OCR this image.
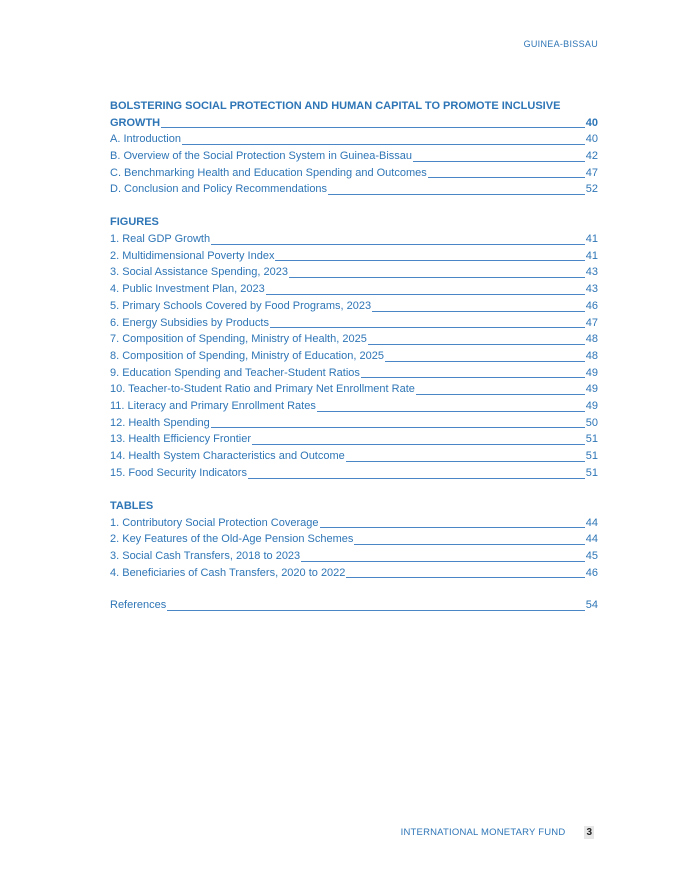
GUINEA-BISSAU
BOLSTERING SOCIAL PROTECTION AND HUMAN CAPITAL TO PROMOTE INCLUSIVE
GROWTH	40
A. Introduction	40
B. Overview of the Social Protection System in Guinea-Bissau	42
C. Benchmarking Health and Education Spending and Outcomes	47
D. Conclusion and Policy Recommendations	52
FIGURES
1. Real GDP Growth	41
2. Multidimensional Poverty Index	41
3. Social Assistance Spending, 2023	43
4. Public Investment Plan, 2023	43
5. Primary Schools Covered by Food Programs, 2023	46
6. Energy Subsidies by Products	47
7. Composition of Spending, Ministry of Health, 2025	48
8. Composition of Spending, Ministry of Education, 2025	48
9. Education Spending and Teacher-Student Ratios	49
10. Teacher-to-Student Ratio and Primary Net Enrollment Rate	49
11. Literacy and Primary Enrollment Rates	49
12. Health Spending	50
13. Health Efficiency Frontier	51
14. Health System Characteristics and Outcome	51
15. Food Security Indicators	51
TABLES
1. Contributory Social Protection Coverage	44
2. Key Features of the Old-Age Pension Schemes	44
3. Social Cash Transfers, 2018 to 2023	45
4. Beneficiaries of Cash Transfers, 2020 to 2022	46
References	54
INTERNATIONAL MONETARY FUND 3
